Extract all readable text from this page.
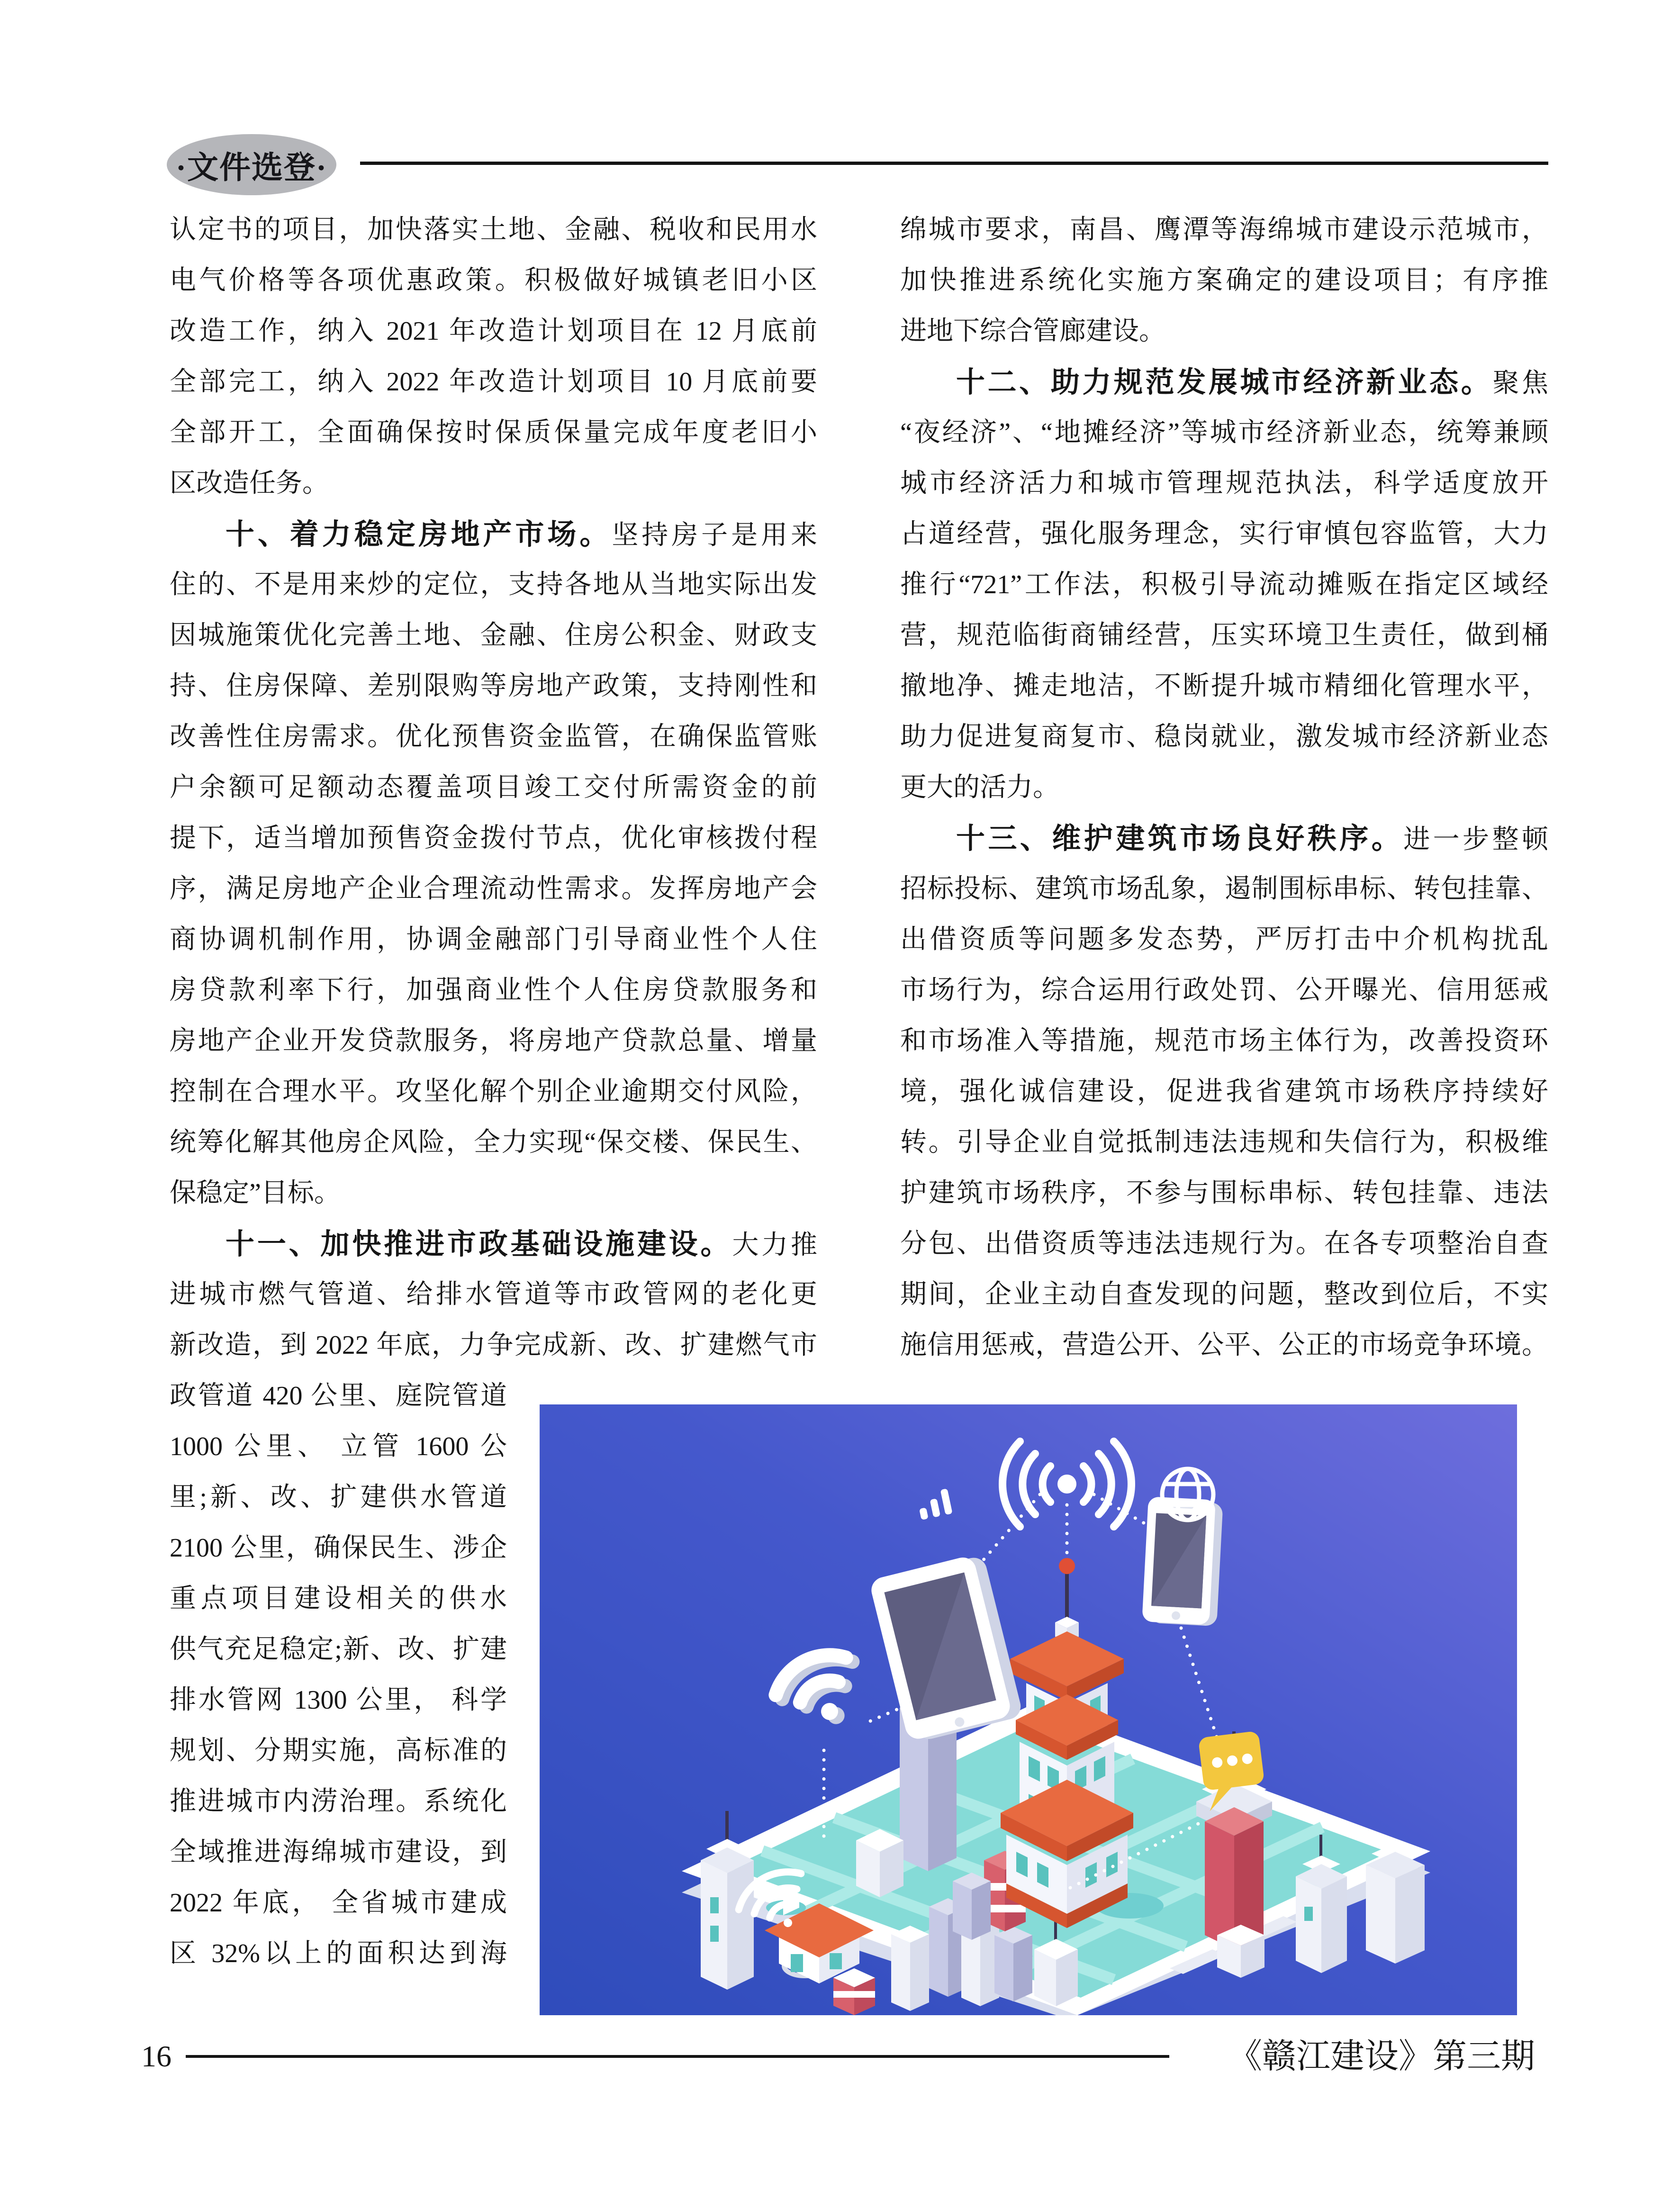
·文件选登·
认定书的项目，加快落实土地、金融、税收和民用水
电气价格等各项优惠政策。积极做好城镇老旧小区
改造工作，纳入 2021 年改造计划项目在 12 月底前
全部完工，纳入 2022 年改造计划项目 10 月底前要
全部开工，全面确保按时保质保量完成年度老旧小
区改造任务。
十、着力稳定房地产市场。坚持房子是用来
住的、不是用来炒的定位，支持各地从当地实际出发
因城施策优化完善土地、金融、住房公积金、财政支
持、住房保障、差别限购等房地产政策，支持刚性和
改善性住房需求。优化预售资金监管，在确保监管账
户余额可足额动态覆盖项目竣工交付所需资金的前
提下，适当增加预售资金拨付节点，优化审核拨付程
序，满足房地产企业合理流动性需求。发挥房地产会
商协调机制作用，协调金融部门引导商业性个人住
房贷款利率下行，加强商业性个人住房贷款服务和
房地产企业开发贷款服务，将房地产贷款总量、增量
控制在合理水平。攻坚化解个别企业逾期交付风险，
统筹化解其他房企风险，全力实现“保交楼、保民生、
保稳定”目标。
十一、加快推进市政基础设施建设。大力推
进城市燃气管道、给排水管道等市政管网的老化更
新改造，到 2022 年底，力争完成新、改、扩建燃气市
政管道 420 公里、庭院管道
1000 公里、 立管 1600 公
里;新、改、扩建供水管道
2100 公里，确保民生、涉企
重点项目建设相关的供水
供气充足稳定;新、改、扩建
排水管网 1300 公里， 科学
规划、分期实施，高标准的
推进城市内涝治理。系统化
全域推进海绵城市建设，到
2022 年底， 全省城市建成
区 32%以上的面积达到海
绵城市要求，南昌、鹰潭等海绵城市建设示范城市，
加快推进系统化实施方案确定的建设项目；有序推
进地下综合管廊建设。
十二、助力规范发展城市经济新业态。聚焦
“夜经济”、“地摊经济”等城市经济新业态，统筹兼顾
城市经济活力和城市管理规范执法，科学适度放开
占道经营，强化服务理念，实行审慎包容监管，大力
推行“721”工作法，积极引导流动摊贩在指定区域经
营，规范临街商铺经营，压实环境卫生责任，做到桶
撤地净、摊走地洁，不断提升城市精细化管理水平，
助力促进复商复市、稳岗就业，激发城市经济新业态
更大的活力。
十三、维护建筑市场良好秩序。进一步整顿
招标投标、建筑市场乱象，遏制围标串标、转包挂靠、
出借资质等问题多发态势，严厉打击中介机构扰乱
市场行为，综合运用行政处罚、公开曝光、信用惩戒
和市场准入等措施，规范市场主体行为，改善投资环
境，强化诚信建设，促进我省建筑市场秩序持续好
转。引导企业自觉抵制违法违规和失信行为，积极维
护建筑市场秩序，不参与围标串标、转包挂靠、违法
分包、出借资质等违法违规行为。在各专项整治自查
期间，企业主动自查发现的问题，整改到位后，不实
施信用惩戒，营造公开、公平、公正的市场竞争环境。
16	《赣江建设》第三期
